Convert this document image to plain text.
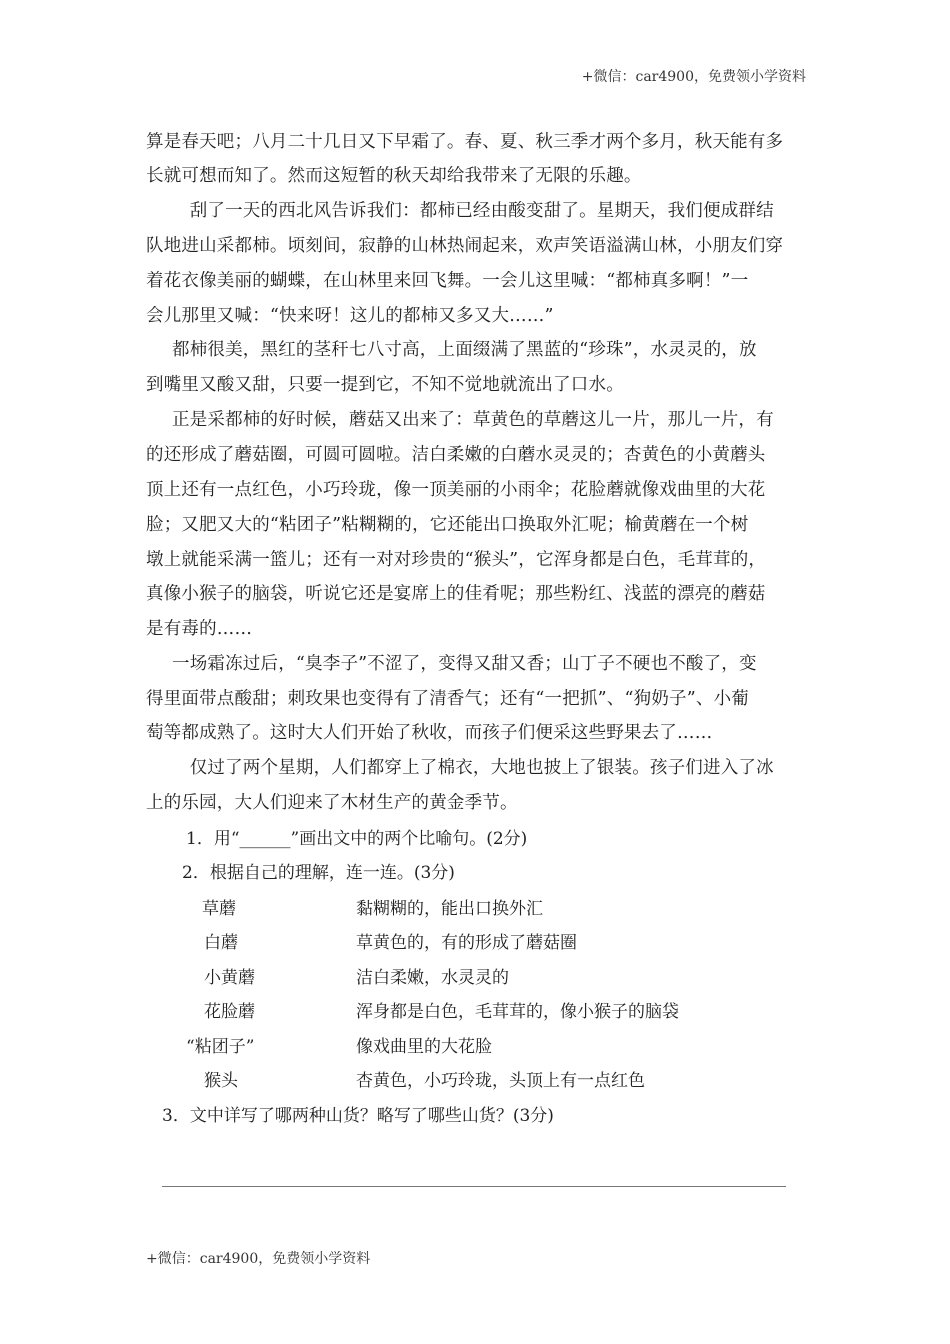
+微信：car4900，免费领小学资料
算是春天吧；八月二十几日又下早霜了。春、夏、秋三季才两个多月，秋天能有多
长就可想而知了。然而这短暂的秋天却给我带来了无限的乐趣。
　刮了一天的西北风告诉我们：都柿已经由酸变甜了。星期天，我们便成群结
队地进山采都柿。顷刻间，寂静的山林热闹起来，欢声笑语溢满山林，小朋友们穿
着花衣像美丽的蝴蝶，在山林里来回飞舞。一会儿这里喊：“都柿真多啊！”一
会儿那里又喊：“快来呀！这儿的都柿又多又大……”
都柿很美，黑红的茎秆七八寸高，上面缀满了黑蓝的“珍珠”，水灵灵的，放
到嘴里又酸又甜，只要一提到它，不知不觉地就流出了口水。
正是采都柿的好时候，蘑菇又出来了：草黄色的草蘑这儿一片，那儿一片，有
的还形成了蘑菇圈，可圆可圆啦。洁白柔嫩的白蘑水灵灵的；杏黄色的小黄蘑头
顶上还有一点红色，小巧玲珑，像一顶美丽的小雨伞；花脸蘑就像戏曲里的大花
脸；又肥又大的“粘团子”粘糊糊的，它还能出口换取外汇呢；榆黄蘑在一个树
墩上就能采满一篮儿；还有一对对珍贵的“猴头”，它浑身都是白色，毛茸茸的，
真像小猴子的脑袋，听说它还是宴席上的佳肴呢；那些粉红、浅蓝的漂亮的蘑菇
是有毒的……
一场霜冻过后，“臭李子”不涩了，变得又甜又香；山丁子不硬也不酸了，变
得里面带点酸甜；刺玫果也变得有了清香气；还有“一把抓”、“狗奶子”、小葡
萄等都成熟了。这时大人们开始了秋收，而孩子们便采这些野果去了……
　仅过了两个星期，人们都穿上了棉衣，大地也披上了银装。孩子们进入了冰
上的乐园，大人们迎来了木材生产的黄金季节。
1．用“______”画出文中的两个比喻句。(2分)
2．根据自己的理解，连一连。(3分)
草蘑
白蘑
小黄蘑
花脸蘑
“粘团子”
猴头
黏糊糊的，能出口换外汇
草黄色的，有的形成了蘑菇圈
洁白柔嫩，水灵灵的
浑身都是白色，毛茸茸的，像小猴子的脑袋
像戏曲里的大花脸
杏黄色，小巧玲珑，头顶上有一点红色
3．文中详写了哪两种山货？略写了哪些山货？(3分)
+微信：car4900，免费领小学资料
